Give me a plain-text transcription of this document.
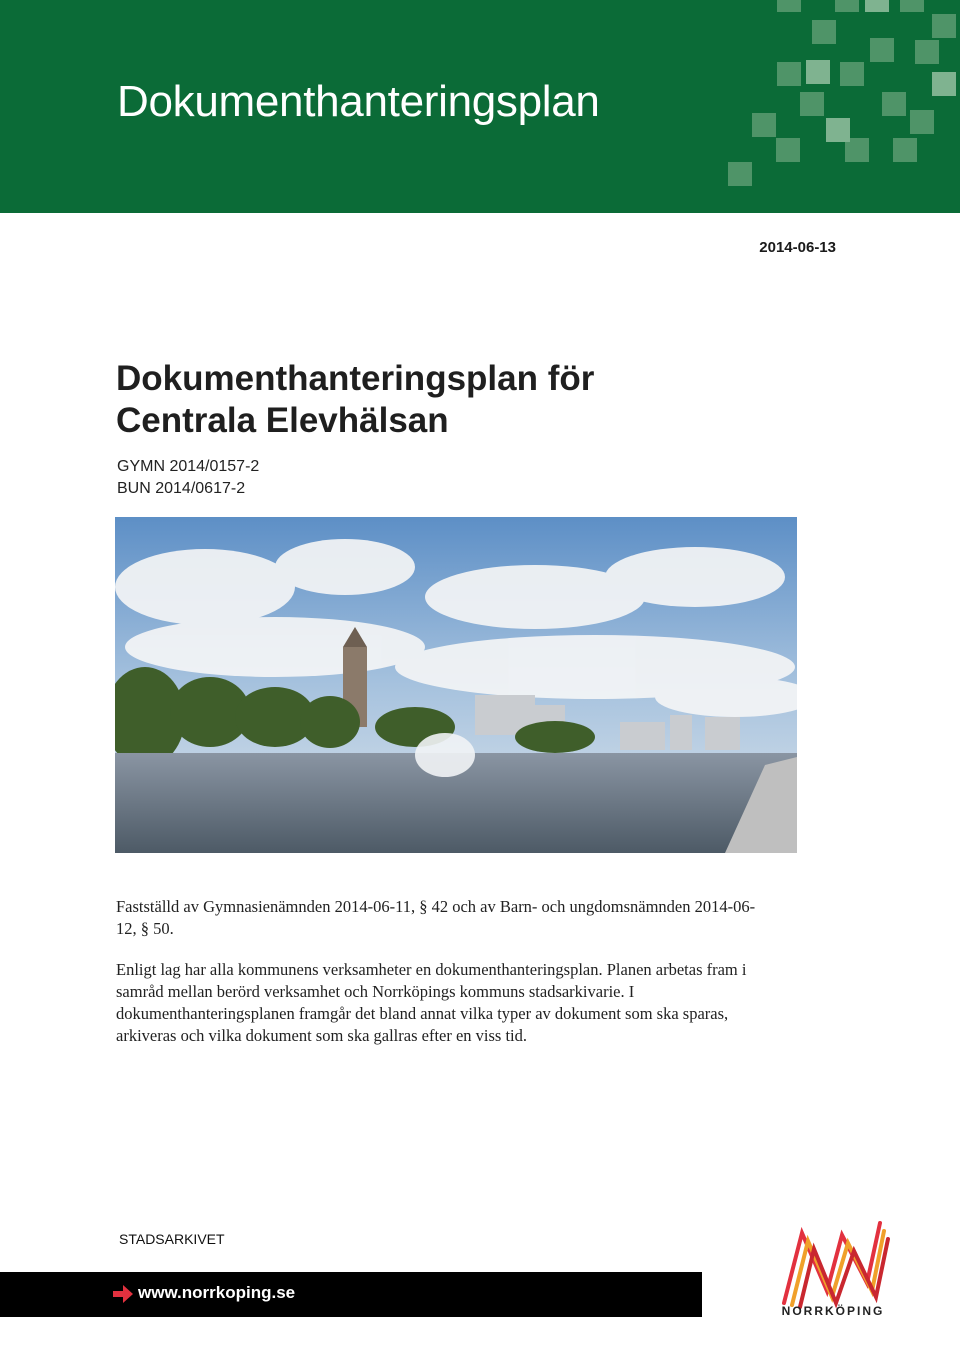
Dokumenthanteringsplan
2014-06-13
Dokumenthanteringsplan för
Centrala Elevhälsan
GYMN 2014/0157-2
BUN 2014/0617-2

Fastställd av Gymnasienämnden 2014-06-11, § 42 och av Barn- och ungdomsnämnden 2014-06-12, § 50.

Enligt lag har alla kommunens verksamheter en dokumenthanteringsplan. Planen arbetas fram i samråd mellan berörd verksamhet och Norrköpings kommuns stadsarkivarie. I dokumenthanteringsplanen framgår det bland annat vilka typer av dokument som ska sparas, arkiveras och vilka dokument som ska gallras efter en viss tid.

STADSARKIVET
www.norrkoping.se
NORRKÖPING
